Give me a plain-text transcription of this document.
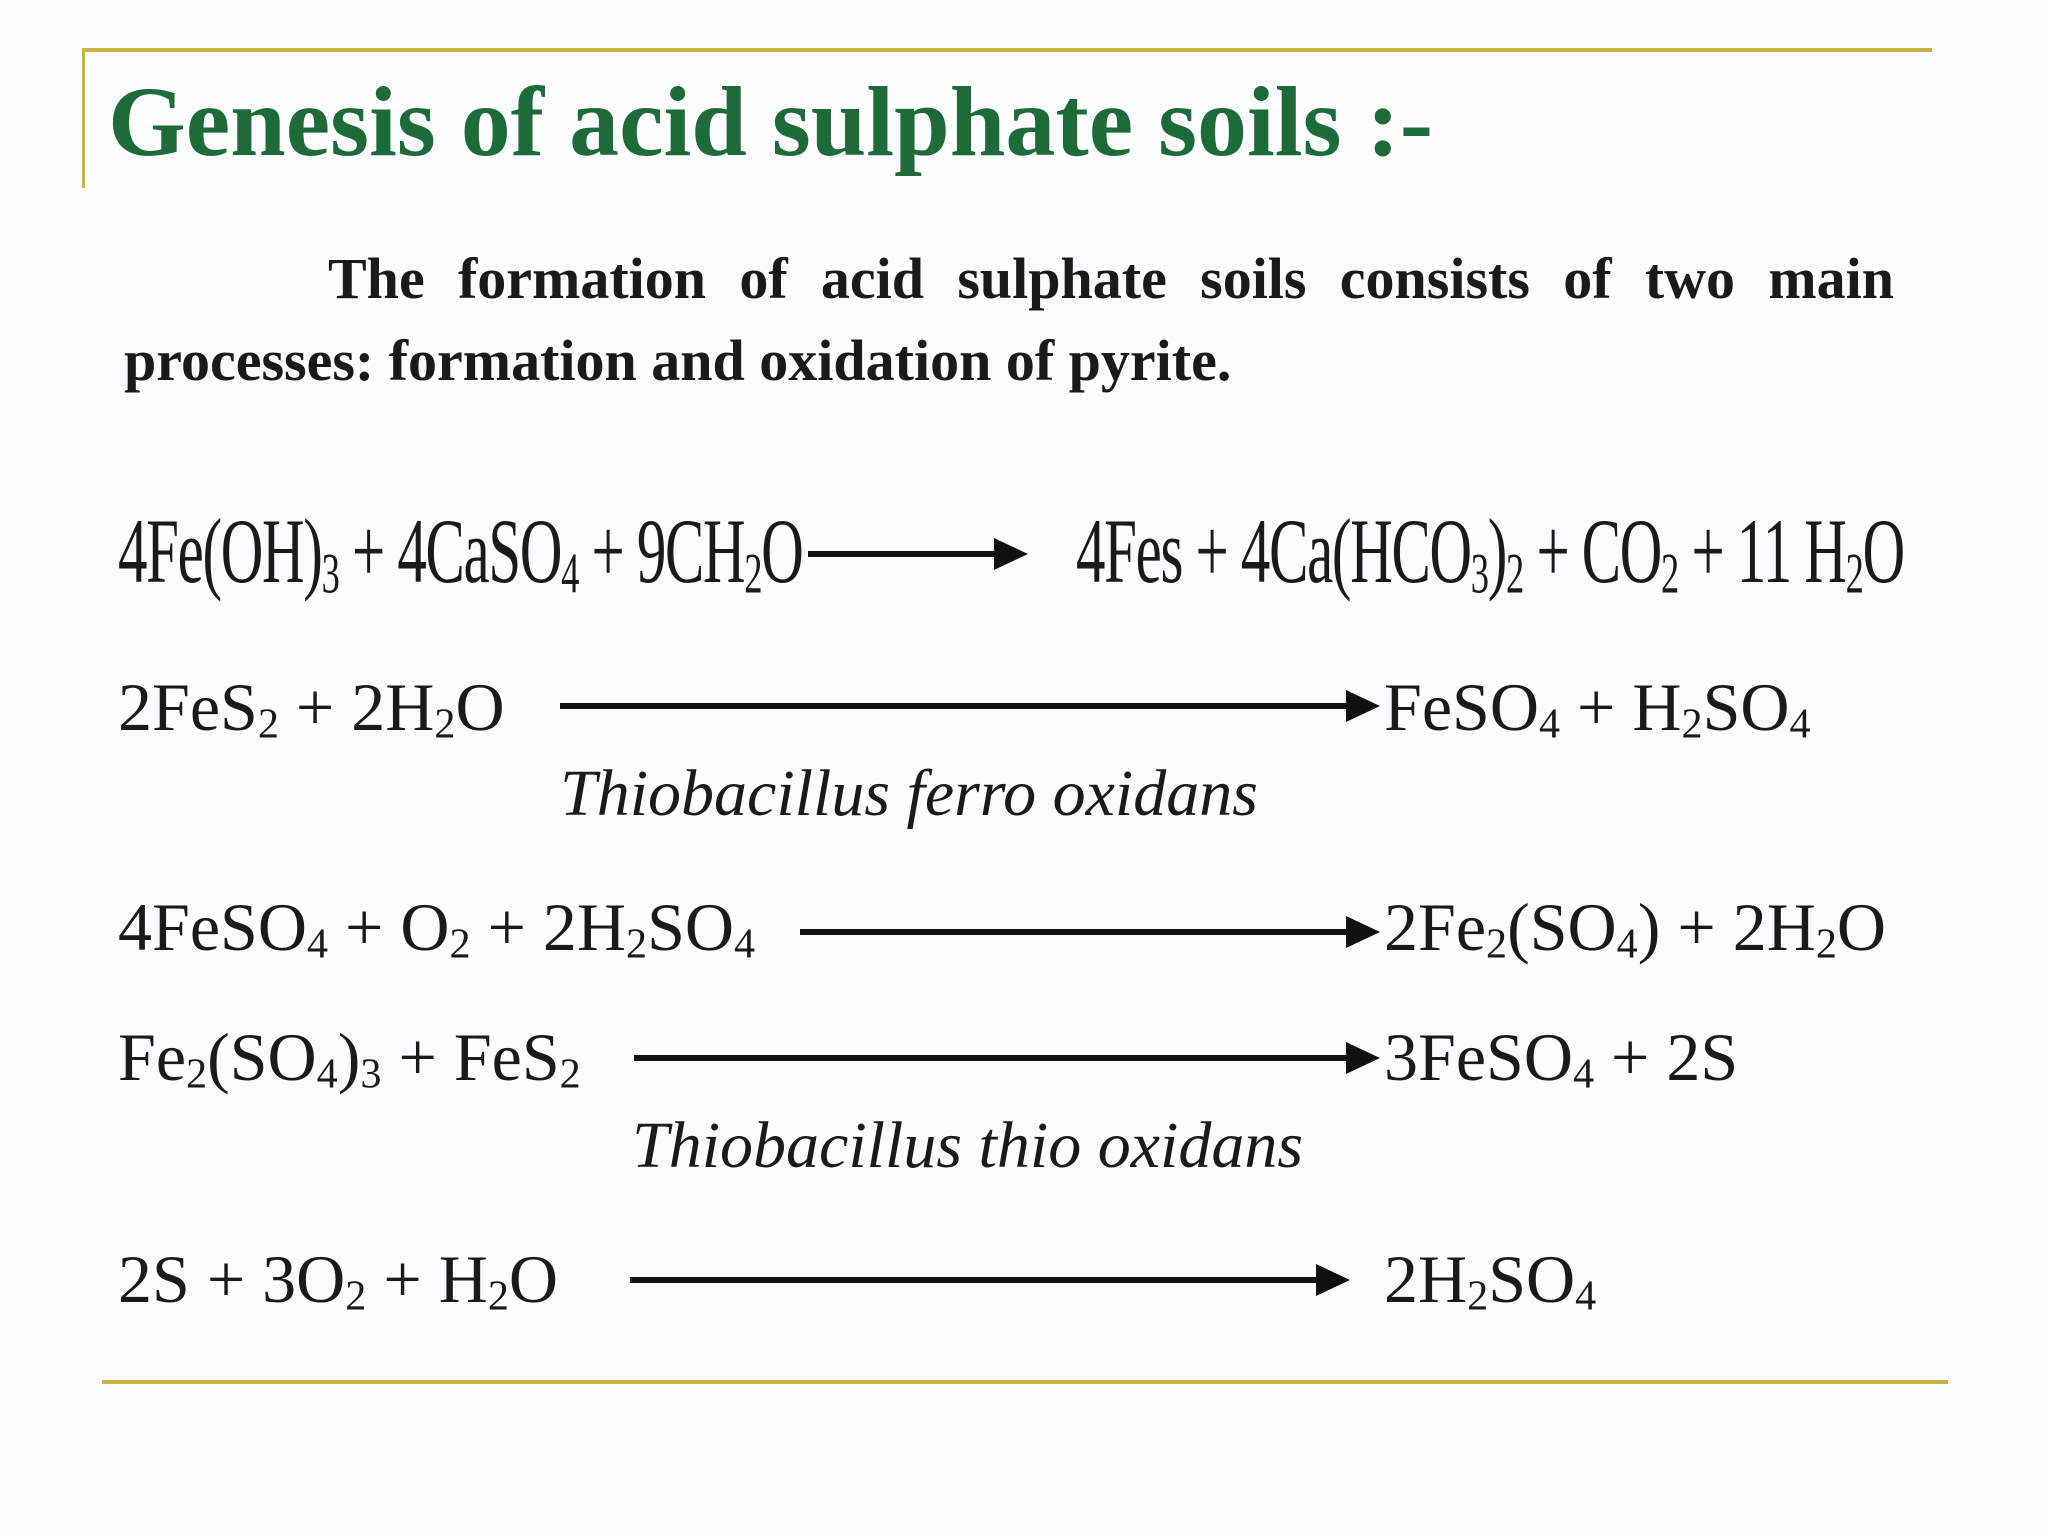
Genesis of acid sulphate soils :-
The formation of acid sulphate soils consists of two main processes: formation and oxidation of pyrite.
$4Fe(OH)_3$ + 4CaSO$_4$ + $9CH_2O$	$4Fes + 4Ca(HCO_3)_2 + CO_2 + 11$ $H_2O$
$2FeS_2 + 2H_2O$	FeSO$_4$ + $H_2SO_4$
Thiobacillus ferro oxidans
4FeSO$_4$ + $O_2 + 2H_2SO_4$	$2Fe_2(SO_4) + 2H_2O$
$Fe_2(SO_4)_3 + FeS_2$	3FeSO$_4$ + 2S
Thiobacillus thio oxidans
$2S + 3O_2 + H_2O$	$2H_2SO_4$
